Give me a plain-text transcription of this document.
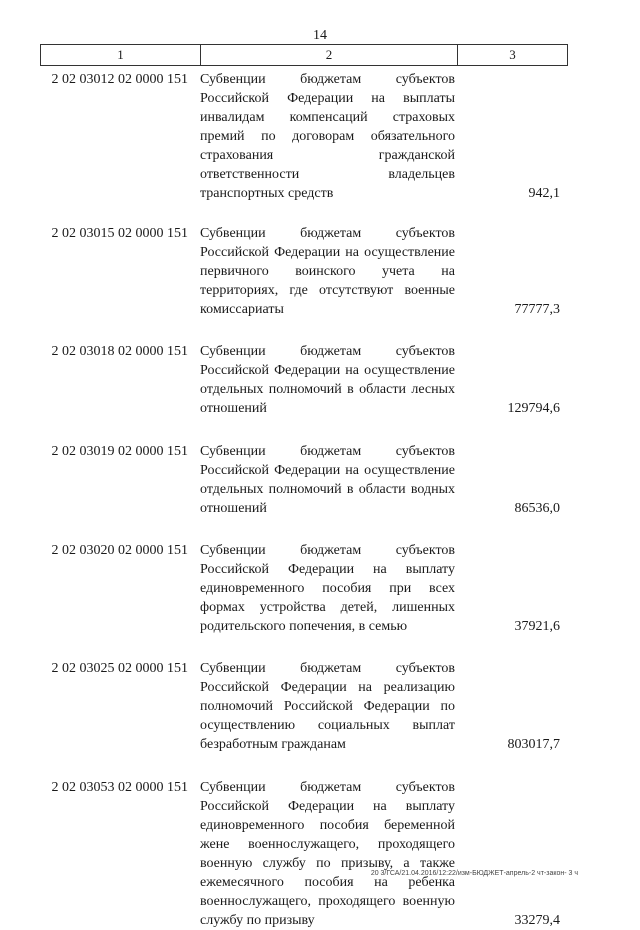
14
1	2	3
2 02 03012 02 0000 151 Субвенции бюджетам субъектов Российской Федерации на выплаты инвалидам компенсаций страховых премий по договорам обязательного страхования гражданской ответственности владельцев транспортных средств	942,1
2 02 03015 02 0000 151 Субвенции бюджетам субъектов Российской Федерации на осуществление первичного воинского учета на территориях, где отсутствуют военные комиссариаты	77777,3
2 02 03018 02 0000 151 Субвенции бюджетам субъектов Российской Федерации на осуществление отдельных полномочий в области лесных отношений	129794,6
2 02 03019 02 0000 151 Субвенции бюджетам субъектов Российской Федерации на осуществление отдельных полномочий в области водных отношений	86536,0
2 02 03020 02 0000 151 Субвенции бюджетам субъектов Российской Федерации на выплату единовременного пособия при всех формах устройства детей, лишенных родительского попечения, в семью	37921,6
2 02 03025 02 0000 151 Субвенции бюджетам субъектов Российской Федерации на реализацию полномочий Российской Федерации по осуществлению социальных выплат безработным гражданам	803017,7
2 02 03053 02 0000 151 Субвенции бюджетам субъектов Российской Федерации на выплату единовременного пособия беременной жене военнослужащего, проходящего военную службу по призыву, а также ежемесячного пособия на ребенка военнослужащего, проходящего военную службу по призыву	33279,4
20 3/ГСА/21.04.2016/12:22/изм-БЮДЖЕТ-апрель-2 чт-закон- 3 ч
